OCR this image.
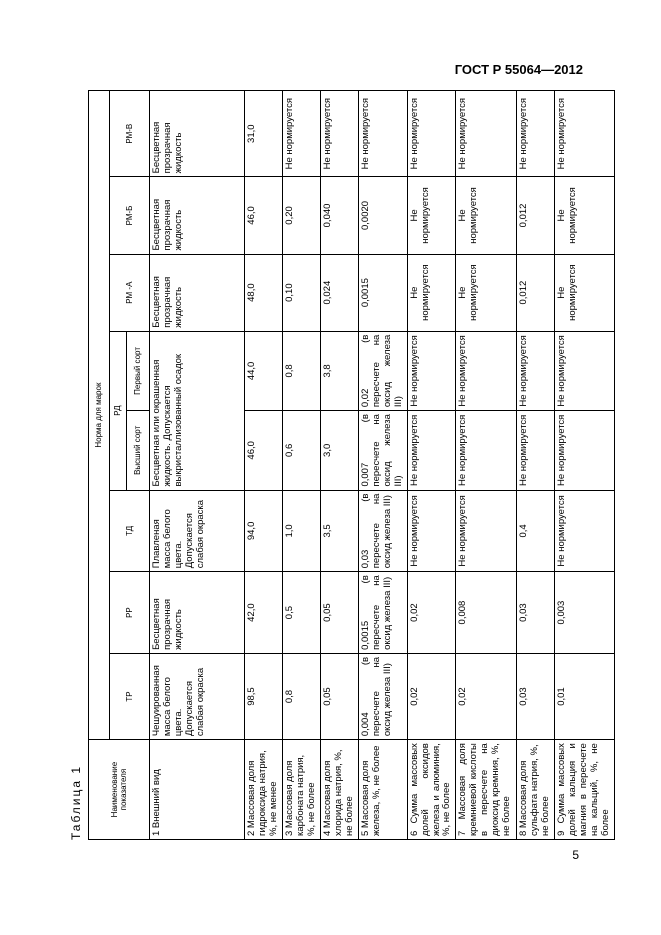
ГОСТ Р 55064—2012
Таблица 1	Наименование показателя	Норма для марок							
	ТР	РР	ТД	РД		РМ -А	РМ-Б	РМ-В
				Высший сорт	Первый сорт			
1 Внешний вид	Чешуированная масса белого цвета. Допускается слабая окраска	Бесцветная прозрачная жидкость	Плавленая масса белого цвета. Допускается слабая окраска	Бесцветная или окрашенная жидкость. Допускается выкристаллизованный осадок		Бесцветная прозрачная жидкость	Бесцветная прозрачная жидкость	Бесцветная прозрачная жидкость
2 Массовая доля гидроксида натрия, %, не менее	98,5	42,0	94,0	46,0	44,0	48,0	46,0	31,0
3 Массовая доля карбоната натрия, %, не более	0,8	0,5	1,0	0,6	0,8	0,10	0,20	Не нормируется
4 Массовая доля хлорида натрия, %, не более	0,05	0,05	3,5	3,0	3,8	0,024	0,040	Не нормируется
5 Массовая доля железа, %, не более	0,004 (в пересчете на оксид железа III)	0,0015 (в пересчете на оксид железа III)	0,03 (в пересчете на оксид железа III)	0,007 (в пересчете на оксид железа III)	0,02 (в пересчете на оксид железа III)	0,0015	0,0020	Не нормируется
6 Сумма массовых долей оксидов железа и алюминия, %, не более	0,02	0,02	Не нормируется	Не нормируется	Не нормируется	Не нормируется	Не нормируется	Не нормируется
7 Массовая доля кремниевой кислоты в пересчете на диоксид кремния, %, не более	0,02	0,008	Не нормируется	Не нормируется	Не нормируется	Не нормируется	Не нормируется	Не нормируется
8 Массовая доля сульфата натрия, %, не более	0,03	0,03	0,4	Не нормируется	Не нормируется	0,012	0,012	Не нормируется
9 Сумма массовых долей кальция и магния в пересчете на кальций, %, не более	0,01	0,003	Не нормируется	Не нормируется	Не нормируется	Не нормируется	Не нормируется	Не нормируется
5
